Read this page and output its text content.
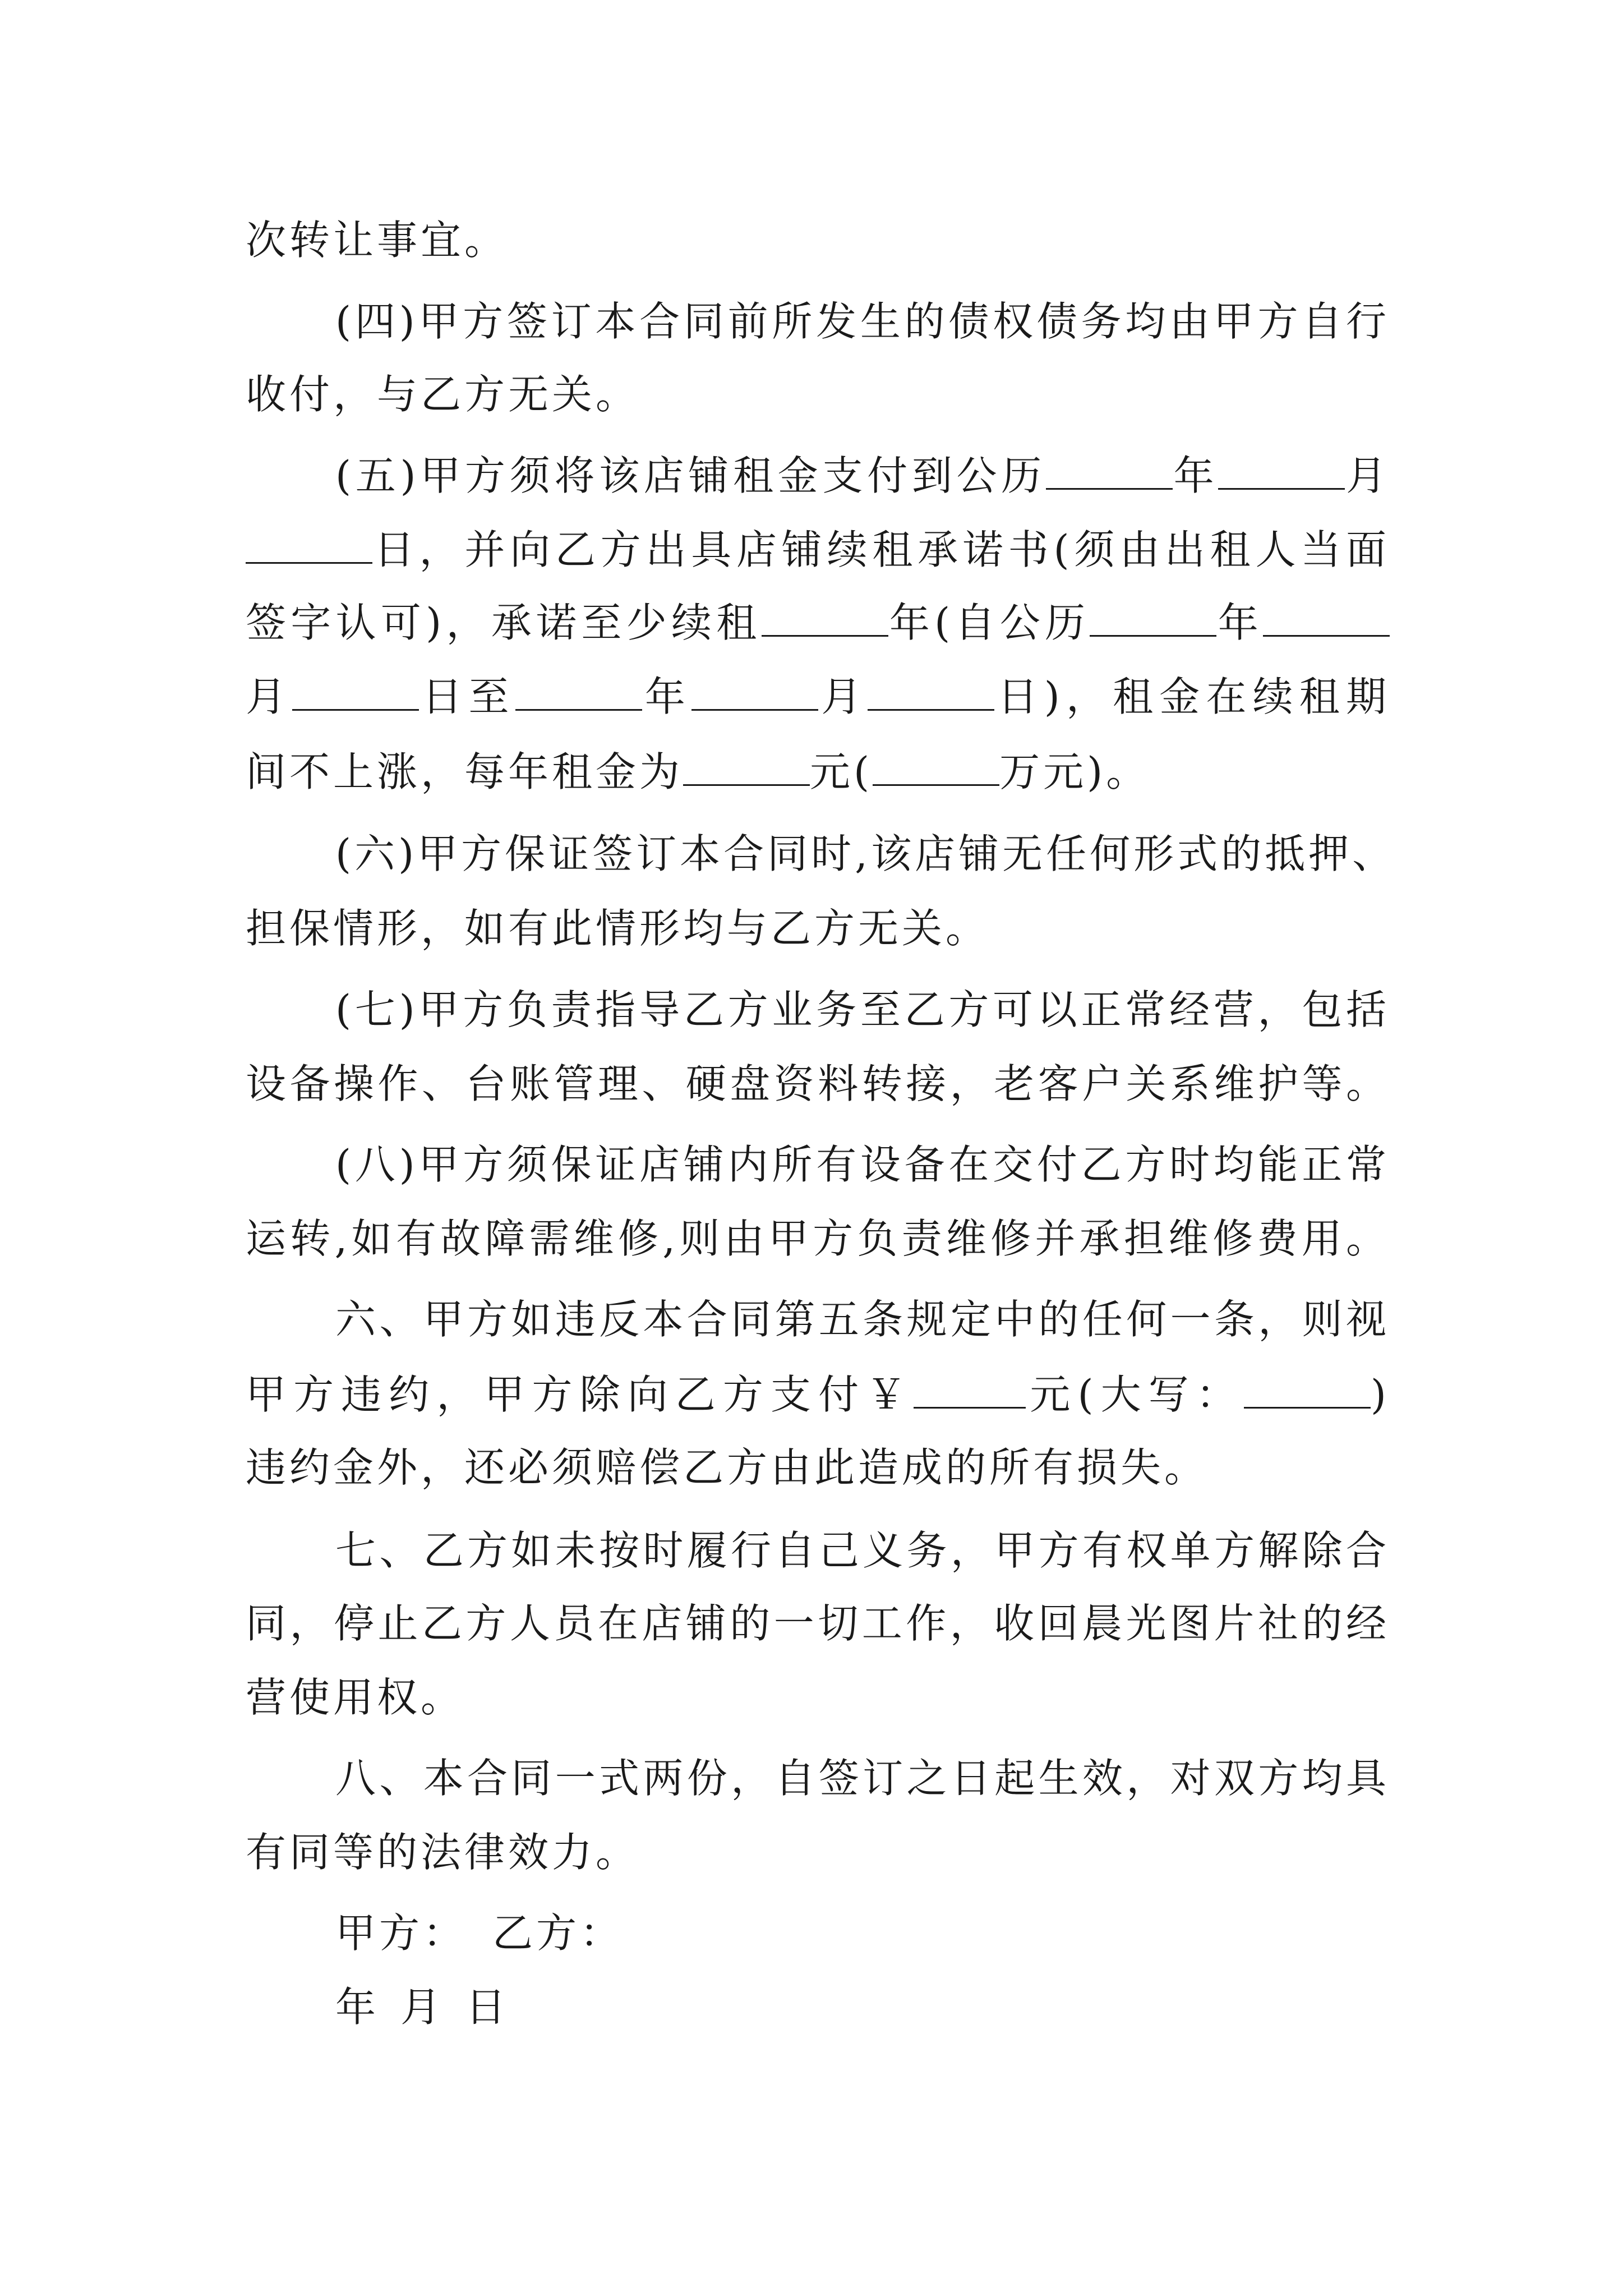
次转让事宜。
(四)甲方签订本合同前所发生的债权债务均由甲方自行
收付，与乙方无关。
(五)甲方须将该店铺租金支付到公历	年	月
日，并向乙方出具店铺续租承诺书(须由出租人当面
签字认可)，承诺至少续租	年(自公历	年
月	日至	年	月	日)，租金在续租期
间不上涨，每年租金为	元(	万元)。
(六)甲方保证签订本合同时,该店铺无任何形式的抵押、
担保情形，如有此情形均与乙方无关。
(七)甲方负责指导乙方业务至乙方可以正常经营，包括
设备操作、台账管理、硬盘资料转接，老客户关系维护等。
(八)甲方须保证店铺内所有设备在交付乙方时均能正常
运转,如有故障需维修,则由甲方负责维修并承担维修费用。
六、甲方如违反本合同第五条规定中的任何一条，则视
甲方违约，甲方除向乙方支付￥	元(大写：	)
违约金外，还必须赔偿乙方由此造成的所有损失。
七、乙方如未按时履行自己义务，甲方有权单方解除合
同，停止乙方人员在店铺的一切工作，收回晨光图片社的经
营使用权。
八、本合同一式两份，自签订之日起生效，对双方均具
有同等的法律效力。
甲方： 乙方：
年 月 日
